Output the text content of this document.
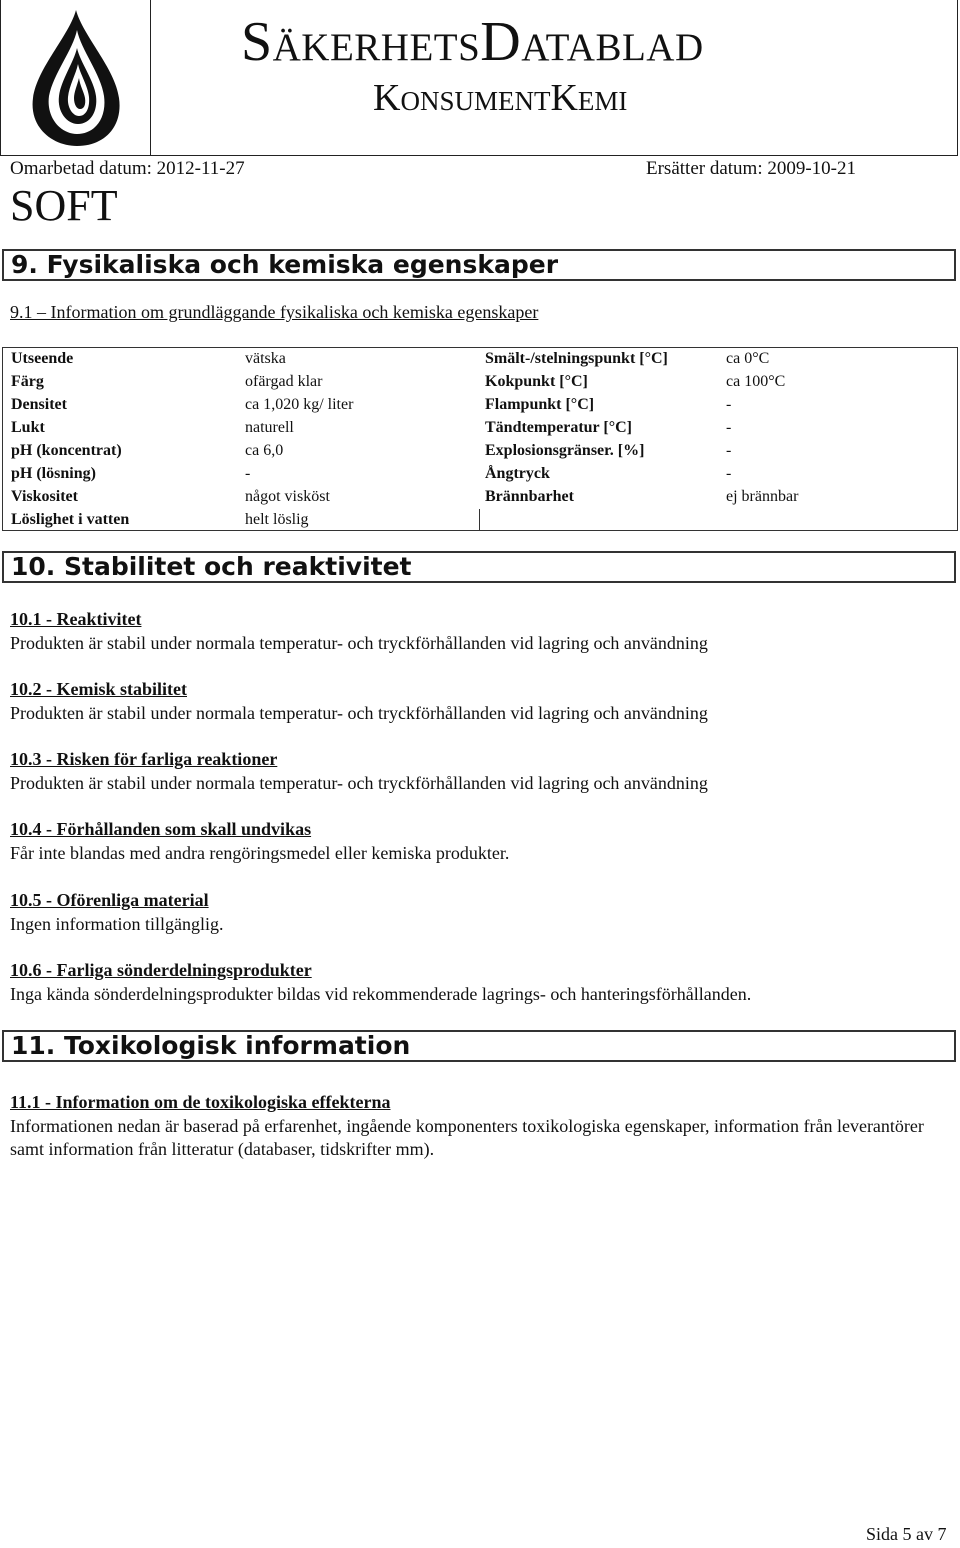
SäkerhetsDatablad
KonsumentKemi
Omarbetad datum: 2012-11-27	Ersätter datum: 2009-10-21
SOFT
9. Fysikaliska och kemiska egenskaper
9.1 – Information om grundläggande fysikaliska och kemiska egenskaper
Utseende	vätska	Smält-/stelningspunkt [°C]	ca 0°C
Färg	ofärgad klar	Kokpunkt [°C]	ca 100°C
Densitet	ca 1,020 kg/ liter	Flampunkt [°C]	-
Lukt	naturell	Tändtemperatur [°C]	-
pH (koncentrat)	ca 6,0	Explosionsgränser. [%]	-
pH (lösning)	-	Ångtryck	-
Viskositet	något visköst	Brännbarhet	ej brännbar
Löslighet i vatten	helt löslig
10. Stabilitet och reaktivitet
10.1 - Reaktivitet
Produkten är stabil under normala temperatur- och tryckförhållanden vid lagring och användning
10.2 - Kemisk stabilitet
Produkten är stabil under normala temperatur- och tryckförhållanden vid lagring och användning
10.3 - Risken för farliga reaktioner
Produkten är stabil under normala temperatur- och tryckförhållanden vid lagring och användning
10.4 - Förhållanden som skall undvikas
Får inte blandas med andra rengöringsmedel eller kemiska produkter.
10.5 - Oförenliga material
Ingen information tillgänglig.
10.6 - Farliga sönderdelningsprodukter
Inga kända sönderdelningsprodukter bildas vid rekommenderade lagrings- och hanteringsförhållanden.
11. Toxikologisk information
11.1 - Information om de toxikologiska effekterna
Informationen nedan är baserad på erfarenhet, ingående komponenters toxikologiska egenskaper, information från leverantörer samt information från litteratur (databaser, tidskrifter mm).
Sida 5 av 7
